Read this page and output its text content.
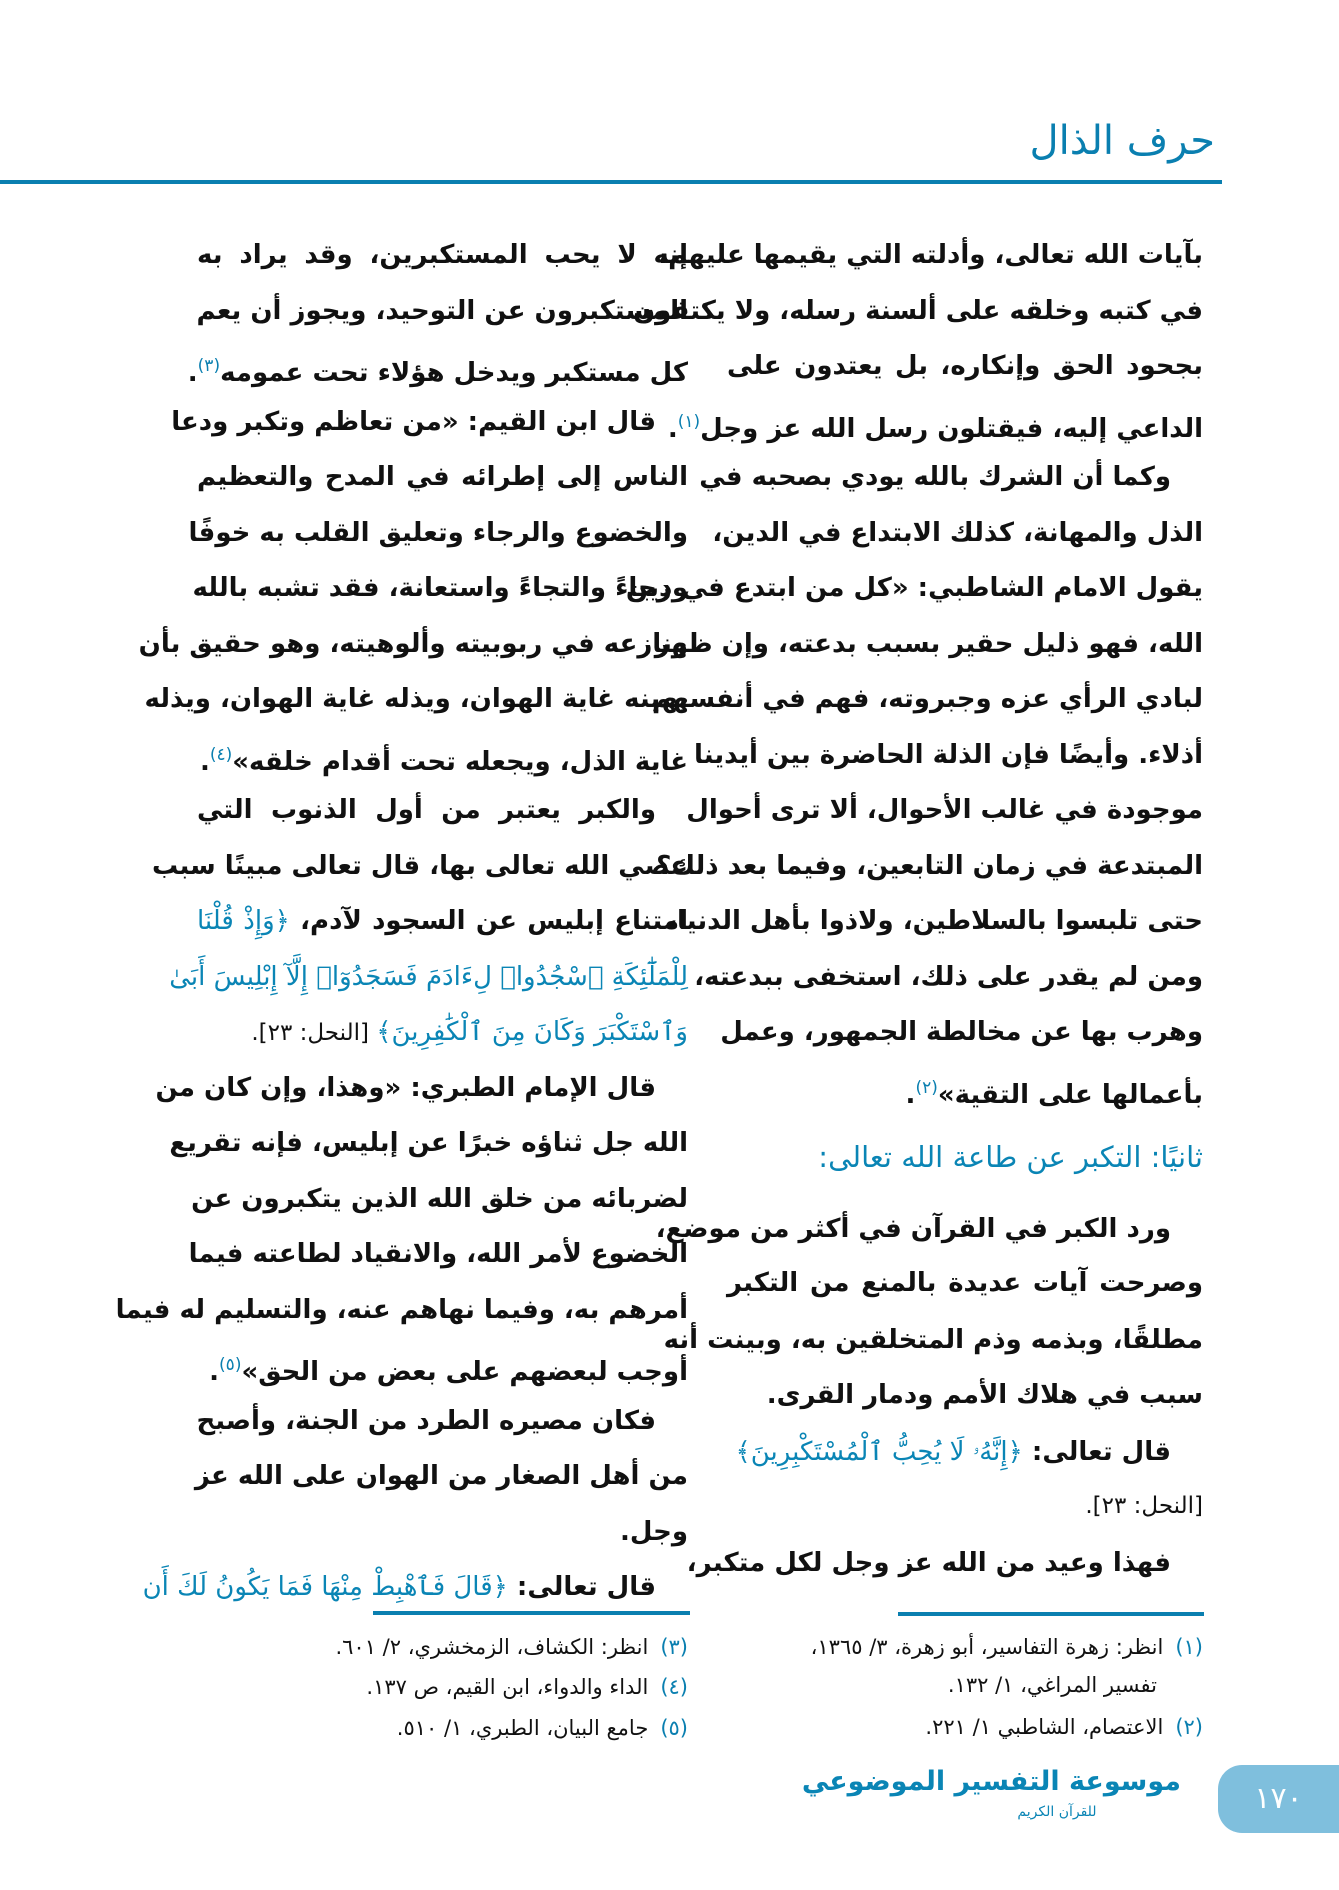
حرف الذال
بآيات الله تعالى، وأدلته التي يقيمها عليهم،
في كتبه وخلقه على ألسنة رسله، ولا يكتفون
بجحود الحق وإنكاره، بل يعتدون على
الداعي إليه، فيقتلون رسل الله عز وجل$^{(١)}$.
وكما أن الشرك بالله يودي بصحبه في
الذل والمهانة، كذلك الابتداع في الدين،
يقول الامام الشاطبي: «كل من ابتدع في دين
الله، فهو ذليل حقير بسبب بدعته، وإن ظهر
لبادي الرأي عزه وجبروته، فهم في أنفسهم
أذلاء. وأيضًا فإن الذلة الحاضرة بين أيدينا
موجودة في غالب الأحوال، ألا ترى أحوال
المبتدعة في زمان التابعين، وفيما بعد ذلك؟
حتى تلبسوا بالسلاطين، ولاذوا بأهل الدنيا،
ومن لم يقدر على ذلك، استخفى ببدعته،
وهرب بها عن مخالطة الجمهور، وعمل
بأعمالها على التقية»$^{(٢)}$.
ثانيًا: التكبر عن طاعة الله تعالى:
ورد الكبر في القرآن في أكثر من موضع،
وصرحت آيات عديدة بالمنع من التكبر
مطلقًا، وبذمه وذم المتخلقين به، وبينت أنه
سبب في هلاك الأمم ودمار القرى.
قال تعالى: ﴿إِنَّهُۥ لَا يُحِبُّ ٱلْمُسْتَكْبِرِينَ﴾
[النحل: ٢٣].
فهذا وعيد من الله عز وجل لكل متكبر،
(١)انظر: زهرة التفاسير، أبو زهرة، ٣/ ١٣٦٥،
تفسير المراغي، ١/ ١٣٢.
(٢)الاعتصام، الشاطبي ١/ ٢٢١.
إنه لا يحب المستكبرين، وقد يراد به
المستكبرون عن التوحيد، ويجوز أن يعم
كل مستكبر ويدخل هؤلاء تحت عمومه$^{(٣)}$.
قال ابن القيم: «من تعاظم وتكبر ودعا
الناس إلى إطرائه في المدح والتعظيم
والخضوع والرجاء وتعليق القلب به خوفًا
ورجاءً والتجاءً واستعانة، فقد تشبه بالله
ونازعه في ربوبيته وألوهيته، وهو حقيق بأن
يهينه غاية الهوان، ويذله غاية الهوان، ويذله
غاية الذل، ويجعله تحت أقدام خلقه»$^{(٤)}$.
والكبر يعتبر من أول الذنوب التي
عصي الله تعالى بها، قال تعالى مبينًا سبب
امتناع إبليس عن السجود لآدم، ﴿وَإِذْ قُلْنَا
لِلْمَلَٰٓئِكَةِ ٱسْجُدُوا۟ لِءَادَمَ فَسَجَدُوٓا۟ إِلَّآ إِبْلِيسَ أَبَىٰ
وَٱسْتَكْبَرَ وَكَانَ مِنَ ٱلْكَٰفِرِينَ﴾ [النحل: ٢٣].
قال الإمام الطبري: «وهذا، وإن كان من
الله جل ثناؤه خبرًا عن إبليس، فإنه تقريع
لضربائه من خلق الله الذين يتكبرون عن
الخضوع لأمر الله، والانقياد لطاعته فيما
أمرهم به، وفيما نهاهم عنه، والتسليم له فيما
أوجب لبعضهم على بعض من الحق»$^{(٥)}$.
فكان مصيره الطرد من الجنة، وأصبح
من أهل الصغار من الهوان على الله عز
وجل.
قال تعالى: ﴿قَالَ فَٱهْبِطْ مِنْهَا فَمَا يَكُونُ لَكَ أَن
(٣)انظر: الكشاف، الزمخشري، ٢/ ٦٠١.
(٤)الداء والدواء، ابن القيم، ص ١٣٧.
(٥)جامع البيان، الطبري، ١/ ٥١٠.
موسوعة التفسير الموضوعي
للقرآن الكريم	١٧٠
